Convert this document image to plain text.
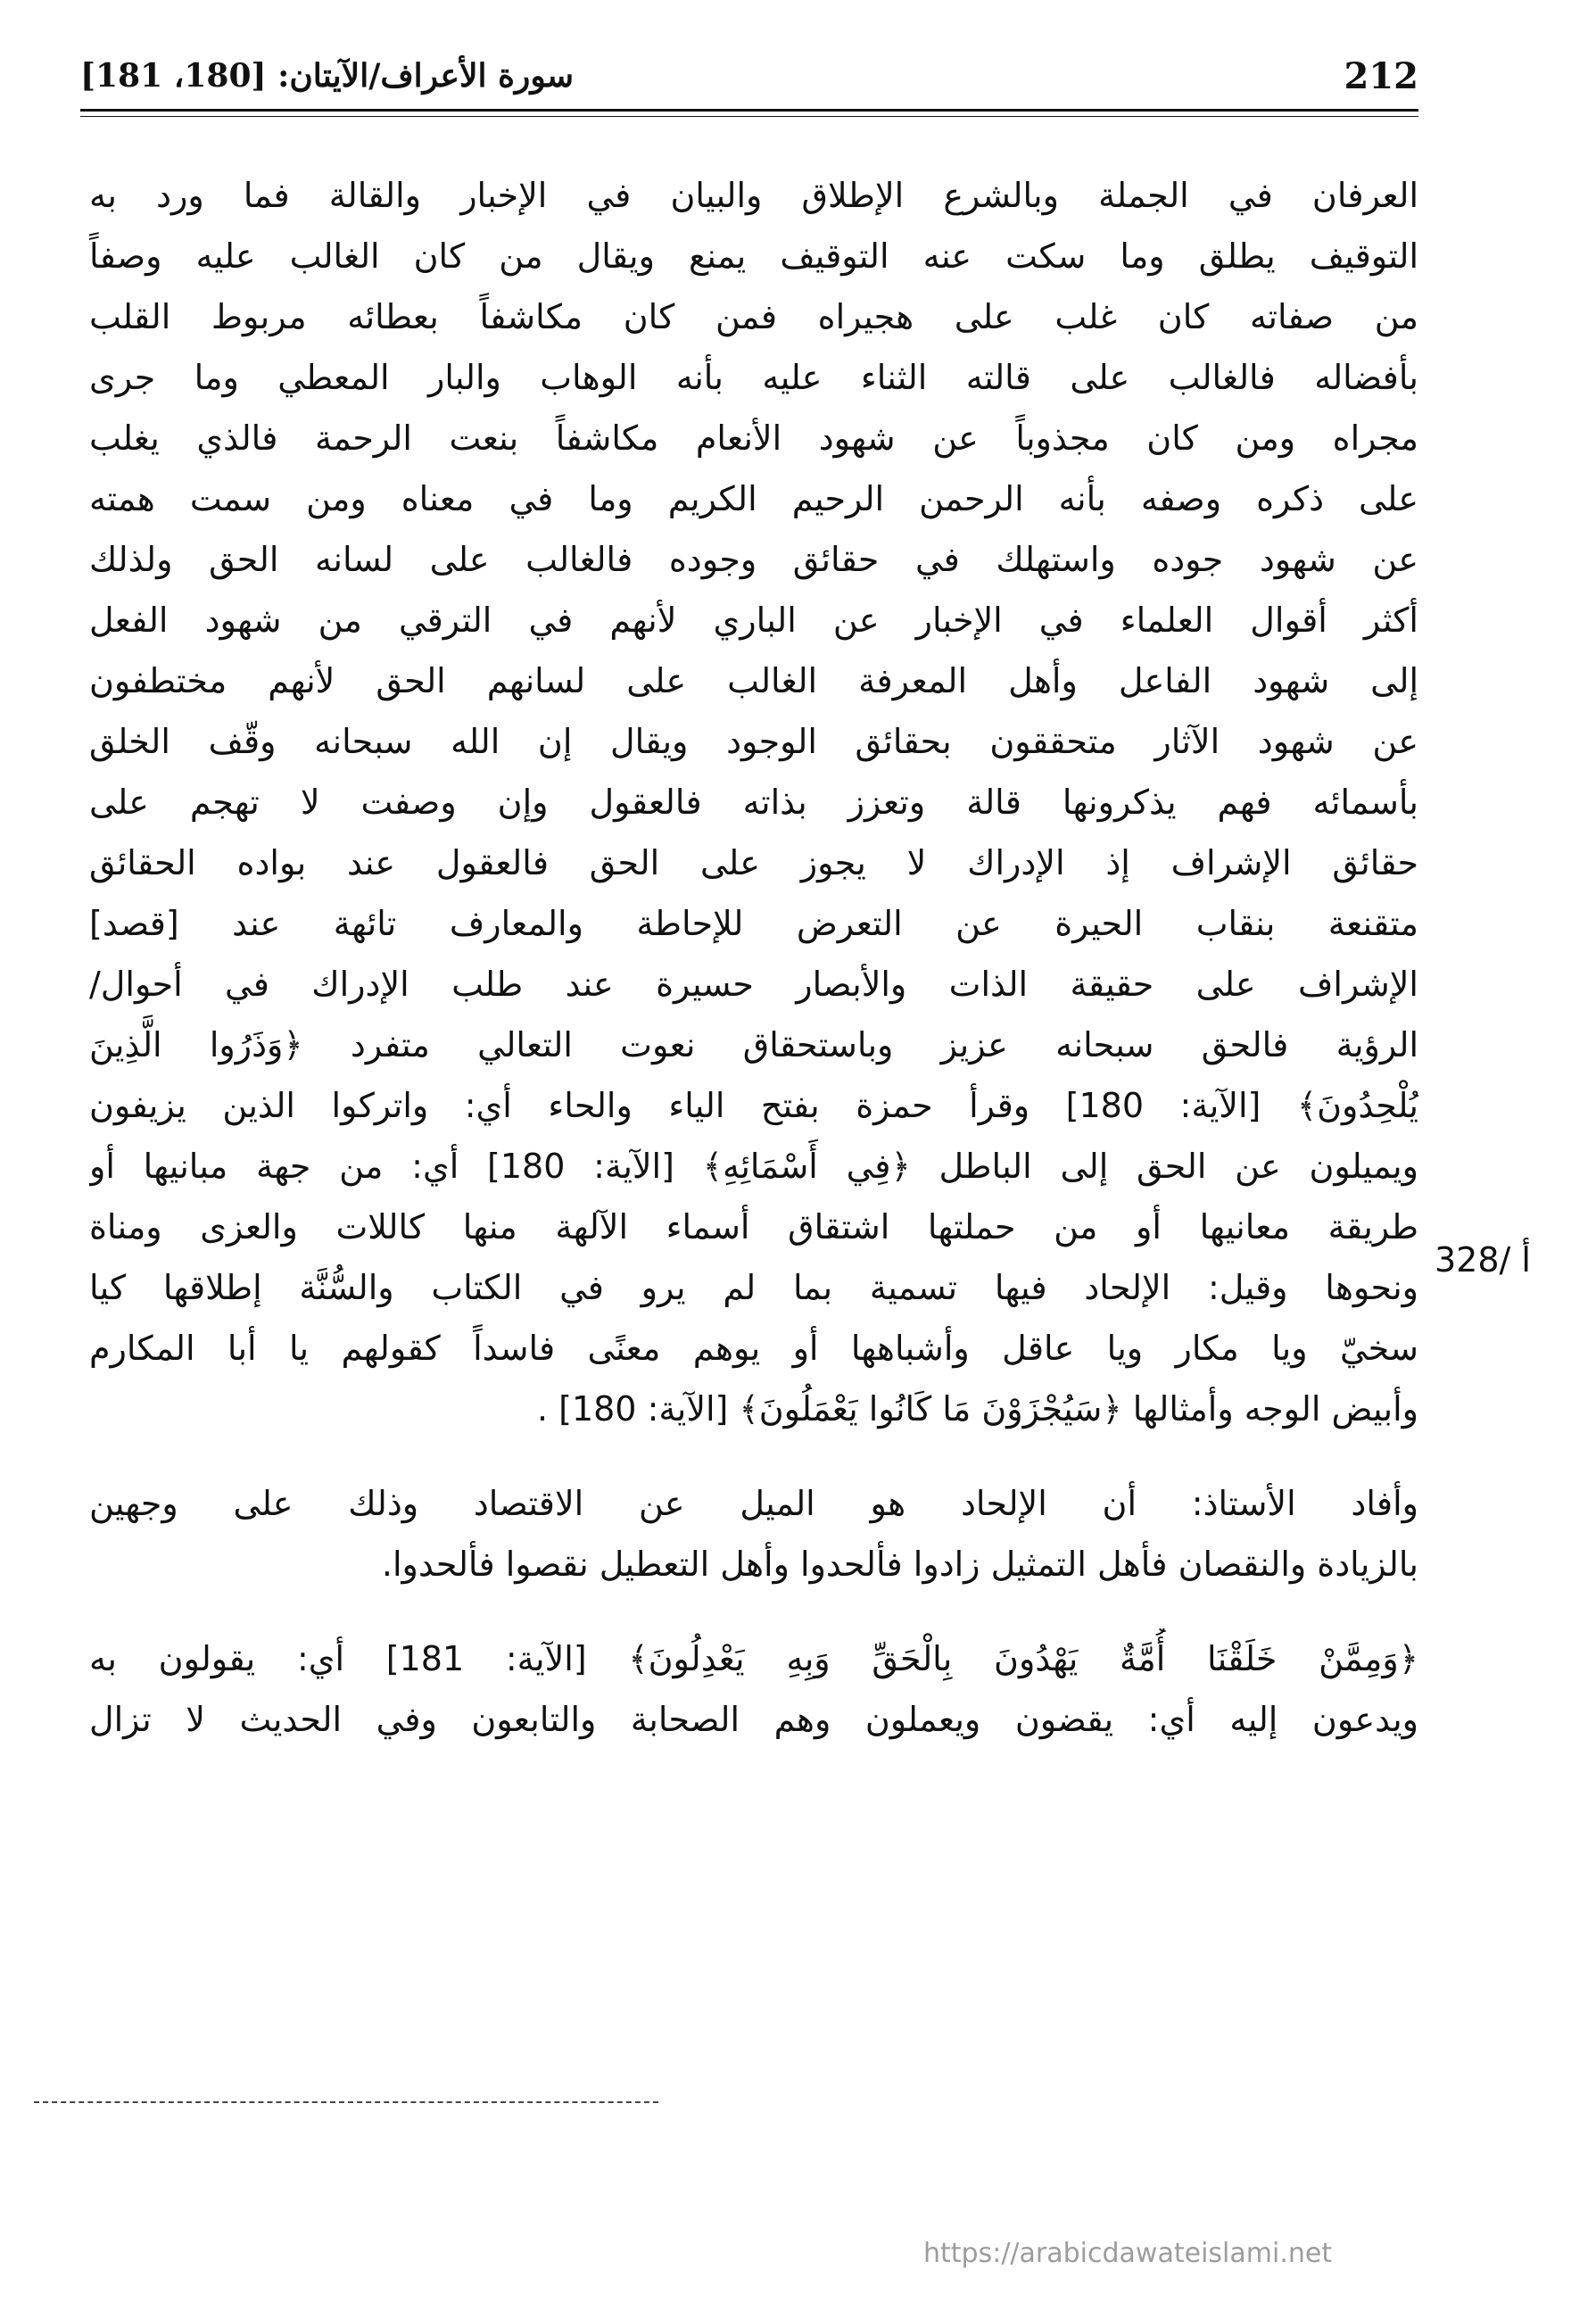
212
سورة الأعراف/الآيتان: [180، 181]
العرفان في الجملة وبالشرع الإطلاق والبيان في الإخبار والقالة فما ورد به
التوقيف يطلق وما سكت عنه التوقيف يمنع ويقال من كان الغالب عليه وصفاً
من صفاته كان غلب على هجيراه فمن كان مكاشفاً بعطائه مربوط القلب
بأفضاله فالغالب على قالته الثناء عليه بأنه الوهاب والبار المعطي وما جرى
مجراه ومن كان مجذوباً عن شهود الأنعام مكاشفاً بنعت الرحمة فالذي يغلب
على ذكره وصفه بأنه الرحمن الرحيم الكريم وما في معناه ومن سمت همته
عن شهود جوده واستهلك في حقائق وجوده فالغالب على لسانه الحق ولذلك
أكثر أقوال العلماء في الإخبار عن الباري لأنهم في الترقي من شهود الفعل
إلى شهود الفاعل وأهل المعرفة الغالب على لسانهم الحق لأنهم مختطفون
عن شهود الآثار متحققون بحقائق الوجود ويقال إن الله سبحانه وقّف الخلق
بأسمائه فهم يذكرونها قالة وتعزز بذاته فالعقول وإن وصفت لا تهجم على
حقائق الإشراف إذ الإدراك لا يجوز على الحق فالعقول عند بواده الحقائق
متقنعة بنقاب الحيرة عن التعرض للإحاطة والمعارف تائهة عند [قصد]
الإشراف على حقيقة الذات والأبصار حسيرة عند طلب الإدراك في أحوال/
الرؤية فالحق سبحانه عزيز وباستحقاق نعوت التعالي متفرد ﴿وَذَرُوا الَّذِينَ
يُلْحِدُونَ﴾ [الآية: 180] وقرأ حمزة بفتح الياء والحاء أي: واتركوا الذين يزيفون
ويميلون عن الحق إلى الباطل ﴿فِي أَسْمَائِهِ﴾ [الآية: 180] أي: من جهة مبانيها أو
طريقة معانيها أو من حملتها اشتقاق أسماء الآلهة منها كاللات والعزى ومناة
ونحوها وقيل: الإلحاد فيها تسمية بما لم يرو في الكتاب والسُّنَّة إطلاقها كيا
سخيّ ويا مكار ويا عاقل وأشباهها أو يوهم معنًى فاسداً كقولهم يا أبا المكارم
وأبيض الوجه وأمثالها ﴿سَيُجْزَوْنَ مَا كَانُوا يَعْمَلُونَ﴾ [الآية: 180] .
وأفاد الأستاذ: أن الإلحاد هو الميل عن الاقتصاد وذلك على وجهين
بالزيادة والنقصان فأهل التمثيل زادوا فألحدوا وأهل التعطيل نقصوا فألحدوا.
﴿وَمِمَّنْ خَلَقْنَا أُمَّةٌ يَهْدُونَ بِالْحَقِّ وَبِهِ يَعْدِلُونَ﴾ [الآية: 181] أي: يقولون به
ويدعون إليه أي: يقضون ويعملون وهم الصحابة والتابعون وفي الحديث لا تزال
328/ أ
https://arabicdawateislami.net
